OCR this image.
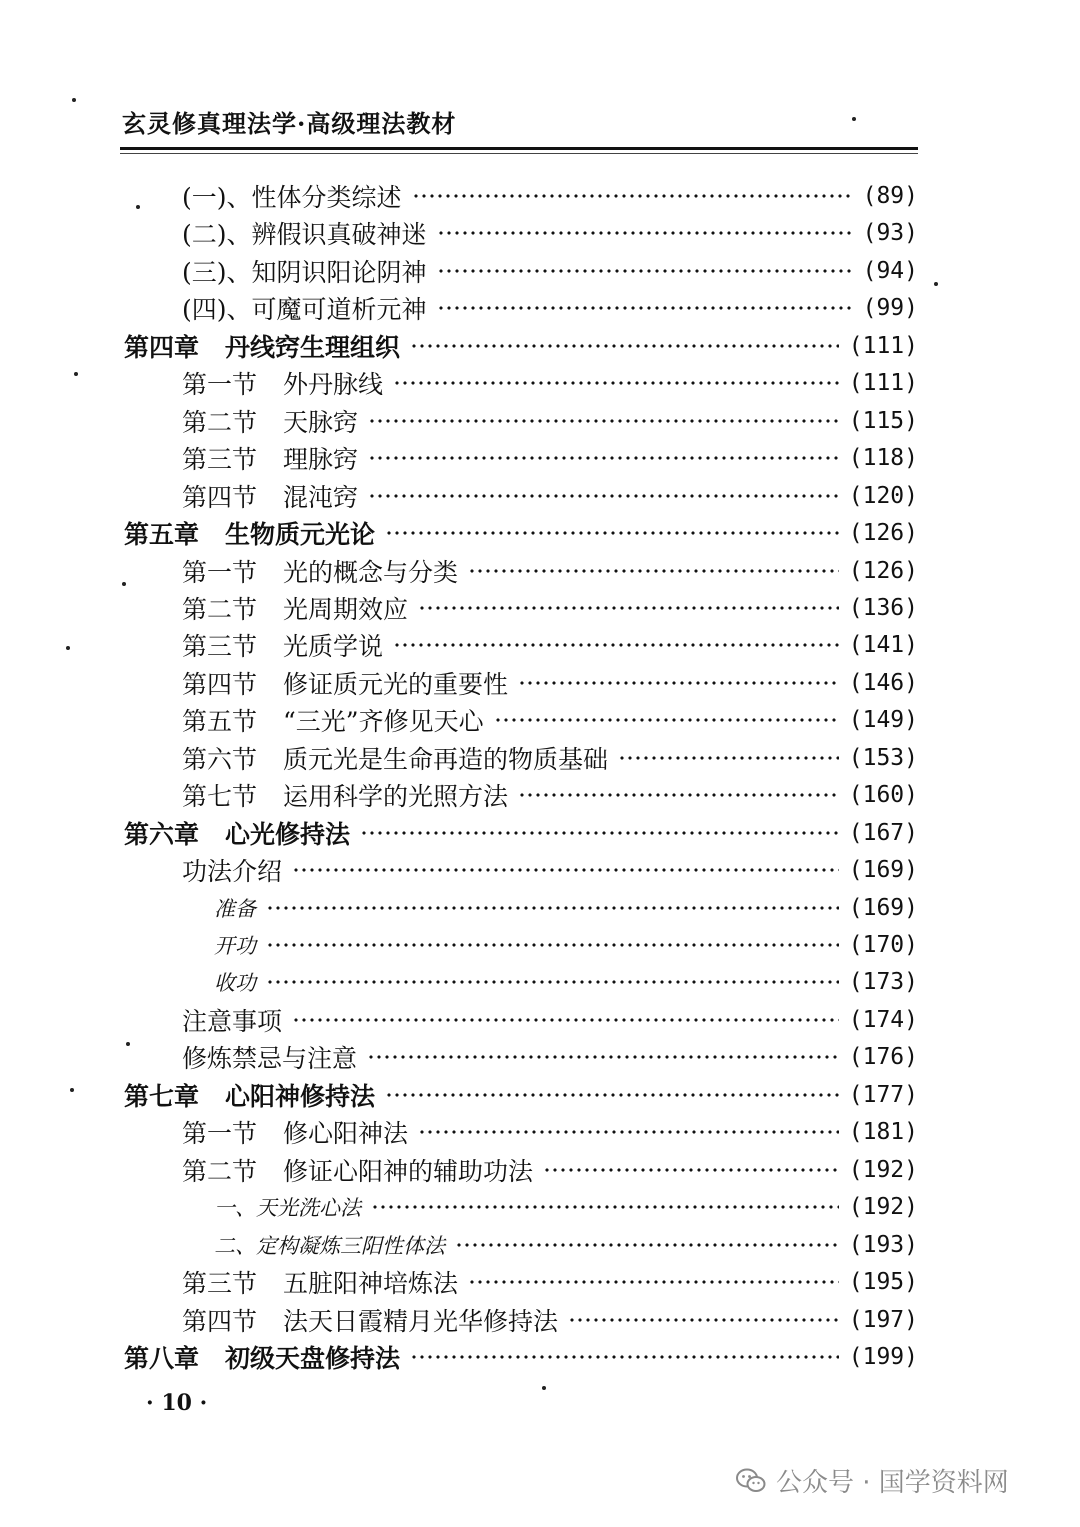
玄灵修真理法学·高级理法教材
(一)、性体分类综述	(89)
(二)、辨假识真破神迷	(93)
(三)、知阴识阳论阴神	(94)
(四)、可魔可道析元神	(99)
第四章 丹线窍生理组织	(111)
第一节 外丹脉线	(111)
第二节 天脉窍	(115)
第三节 理脉窍	(118)
第四节 混沌窍	(120)
第五章 生物质元光论	(126)
第一节 光的概念与分类	(126)
第二节 光周期效应	(136)
第三节 光质学说	(141)
第四节 修证质元光的重要性	(146)
第五节 “三光”齐修见天心	(149)
第六节 质元光是生命再造的物质基础	(153)
第七节 运用科学的光照方法	(160)
第六章 心光修持法	(167)
功法介绍	(169)
准备	(169)
开功	(170)
收功	(173)
注意事项	(174)
修炼禁忌与注意	(176)
第七章 心阳神修持法	(177)
第一节 修心阳神法	(181)
第二节 修证心阳神的辅助功法	(192)
一、天光洗心法	(192)
二、定构凝炼三阳性体法	(193)
第三节 五脏阳神培炼法	(195)
第四节 法天日霞精月光华修持法	(197)
第八章 初级天盘修持法	(199)
· 10 ·
公众号 · 国学资料网
